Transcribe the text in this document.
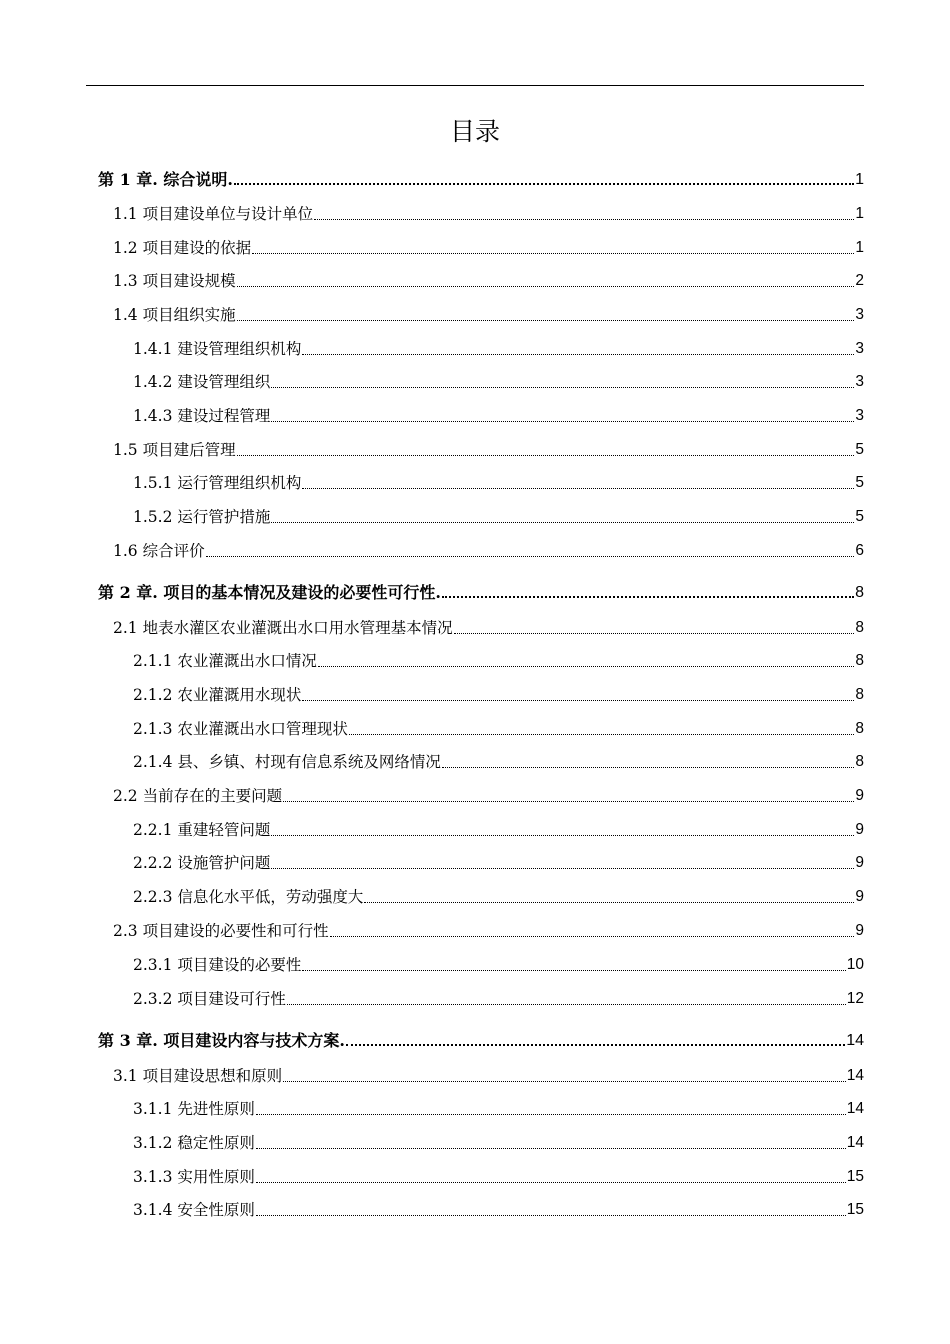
目录
第 1 章. 综合说明.	1
1.1 项目建设单位与设计单位	1
1.2 项目建设的依据	1
1.3 项目建设规模	2
1.4 项目组织实施	3
1.4.1 建设管理组织机构	3
1.4.2 建设管理组织	3
1.4.3 建设过程管理	3
1.5 项目建后管理	5
1.5.1 运行管理组织机构	5
1.5.2 运行管护措施	5
1.6 综合评价	6
第 2 章. 项目的基本情况及建设的必要性可行性.	8
2.1 地表水灌区农业灌溉出水口用水管理基本情况	8
2.1.1 农业灌溉出水口情况	8
2.1.2 农业灌溉用水现状	8
2.1.3 农业灌溉出水口管理现状	8
2.1.4 县、乡镇、村现有信息系统及网络情况	8
2.2 当前存在的主要问题	9
2.2.1 重建轻管问题	9
2.2.2 设施管护问题	9
2.2.3 信息化水平低，劳动强度大	9
2.3 项目建设的必要性和可行性	9
2.3.1 项目建设的必要性	10
2.3.2 项目建设可行性	12
第 3 章. 项目建设内容与技术方案.	14
3.1 项目建设思想和原则	14
3.1.1 先进性原则	14
3.1.2 稳定性原则	14
3.1.3 实用性原则	15
3.1.4 安全性原则	15
